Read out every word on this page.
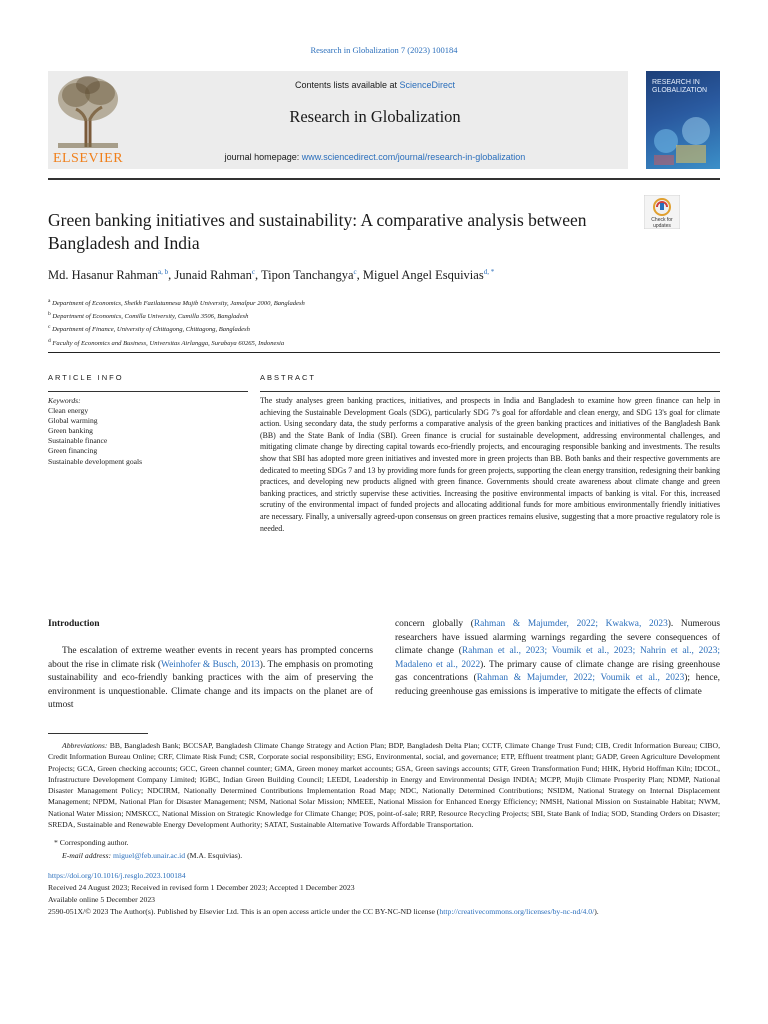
Research in Globalization 7 (2023) 100184
ELSEVIER
Contents lists available at ScienceDirect
Research in Globalization
journal homepage: www.sciencedirect.com/journal/research-in-globalization
RESEARCH IN GLOBALIZATION
Green banking initiatives and sustainability: A comparative analysis between Bangladesh and India
Check for updates
Md. Hasanur Rahman$^{a, b}$, Junaid Rahman$^c$, Tipon Tanchangya$^c$, Miguel Angel Esquivias$^{d, *}$
$^a$ Department of Economics, Sheikh Fazilatunnesa Mujib University, Jamalpur 2000, Bangladesh
$^b$ Department of Economics, Comilla University, Cumilla 3506, Bangladesh
$^c$ Department of Finance, University of Chittagong, Chittagong, Bangladesh
$^d$ Faculty of Economics and Business, Universitas Airlangga, Surabaya 60265, Indonesia
ARTICLE INFO
Keywords:
Clean energy
Global warming
Green banking
Sustainable finance
Green financing
Sustainable development goals
ABSTRACT
The study analyses green banking practices, initiatives, and prospects in India and Bangladesh to examine how green finance can help in achieving the Sustainable Development Goals (SDG), particularly SDG 7's goal for affordable and clean energy, and SDG 13's goal for climate action. Using secondary data, the study performs a comparative analysis of the green banking practices and initiatives of the Bangladesh Bank (BB) and the State Bank of India (SBI). Green finance is crucial for sustainable development, addressing environmental challenges, and mitigating climate change by directing capital towards eco-friendly projects, and encouraging responsible banking and investments. The results show that SBI has adopted more green initiatives and invested more in green projects than BB. Both banks and their respective governments are dedicated to meeting SDGs 7 and 13 by providing more funds for green projects, supporting the clean energy transition, redesigning their banking practices, and developing new products aligned with green finance. Governments should create awareness about climate change and green banking practices, and strictly supervise these activities. Increasing the positive environmental impacts of banking is vital. For this, increased scrutiny of the environmental impact of funded projects and allocating additional funds for more ambitious environmentally friendly initiatives are necessary. Finally, a universally agreed-upon consensus on green practices remains elusive, suggesting that a more proactive regulatory role is needed.
Introduction
The escalation of extreme weather events in recent years has prompted concerns about the rise in climate risk (Weinhofer & Busch, 2013). The emphasis on promoting sustainability and eco-friendly banking practices with the aim of preserving the environment is unquestionable. Climate change and its impacts on the planet are of utmost
concern globally (Rahman & Majumder, 2022; Kwakwa, 2023). Numerous researchers have issued alarming warnings regarding the severe consequences of climate change (Rahman et al., 2023; Voumik et al., 2023; Nahrin et al., 2023; Madaleno et al., 2022). The primary cause of climate change are rising greenhouse gas concentrations (Rahman & Majumder, 2022; Voumik et al., 2023); hence, reducing greenhouse gas emissions is imperative to mitigate the effects of climate
Abbreviations: BB, Bangladesh Bank; BCCSAP, Bangladesh Climate Change Strategy and Action Plan; BDP, Bangladesh Delta Plan; CCTF, Climate Change Trust Fund; CIB, Credit Information Bureau; CIBO, Credit Information Bureau Online; CRF, Climate Risk Fund; CSR, Corporate social responsibility; ESG, Environmental, social, and governance; ETP, Effluent treatment plant; GADP, Green Agriculture Development Projects; GCA, Green checking accounts; GCC, Green channel counter; GMA, Green money market accounts; GSA, Green savings accounts; GTF, Green Transformation Fund; HHK, Hybrid Hoffman Kiln; IDCOL, Infrastructure Development Company Limited; IGBC, Indian Green Building Council; LEEDI, Leadership in Energy and Environmental Design INDIA; MCPP, Mujib Climate Prosperity Plan; NDMP, National Disaster Management Policy; NDCIRM, Nationally Determined Contributions Implementation Road Map; NDC, Nationally Determined Contributions; NSIDM, National Strategy on Internal Displacement Management; NPDM, National Plan for Disaster Management; NSM, National Solar Mission; NMEEE, National Mission for Enhanced Energy Efficiency; NMSH, National Mission on Sustainable Habitat; NWM, National Water Mission; NMSKCC, National Mission on Strategic Knowledge for Climate Change; POS, point-of-sale; RRP, Resource Recycling Projects; SBI, State Bank of India; SOD, Standing Orders on Disaster; SREDA, Sustainable and Renewable Energy Development Authority; SATAT, Sustainable Alternative Towards Affordable Transportation.
* Corresponding author.
E-mail address: miguel@feb.unair.ac.id (M.A. Esquivias).
https://doi.org/10.1016/j.resglo.2023.100184
Received 24 August 2023; Received in revised form 1 December 2023; Accepted 1 December 2023
Available online 5 December 2023
2590-051X/© 2023 The Author(s). Published by Elsevier Ltd. This is an open access article under the CC BY-NC-ND license (http://creativecommons.org/licenses/by-nc-nd/4.0/).
